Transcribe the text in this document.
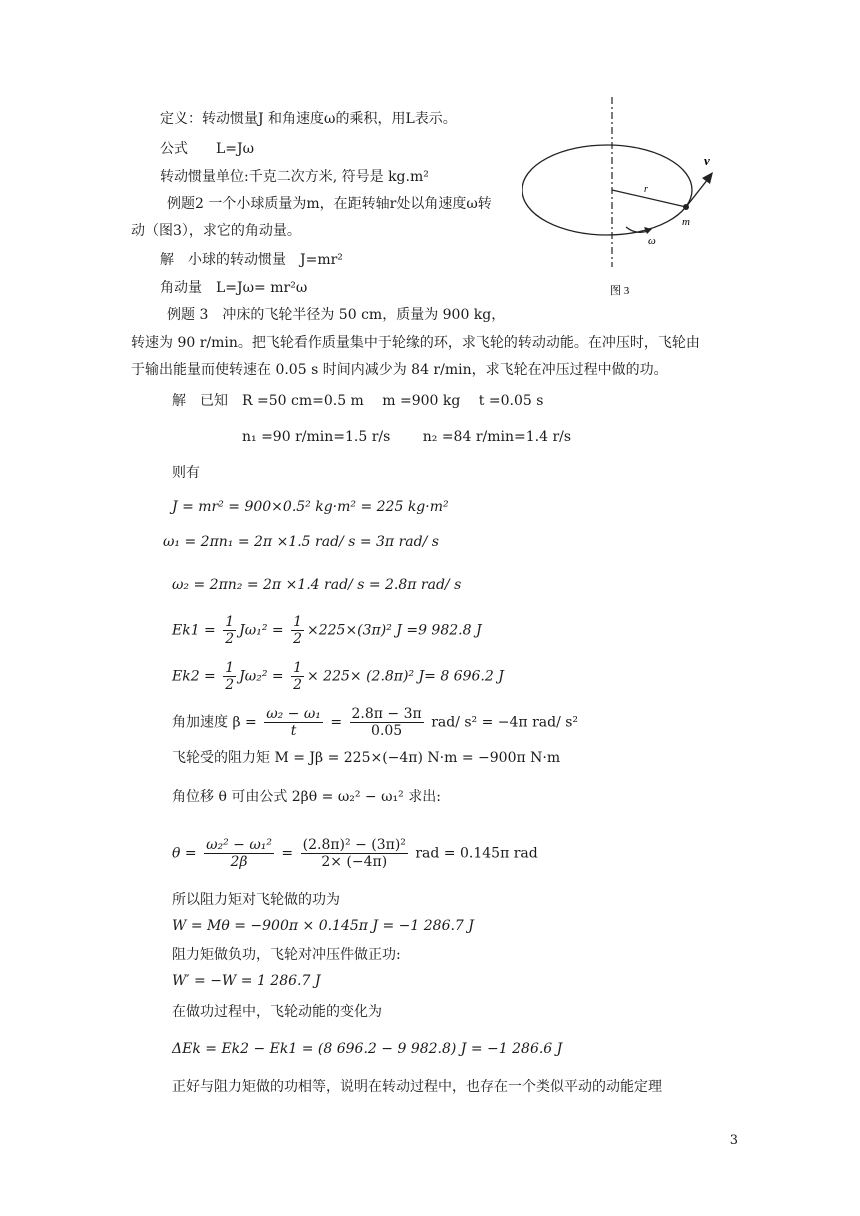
定义：转动惯量J 和角速度ω的乘积，用L表示。
公式　　L=Jω
转动惯量单位:千克二次方米, 符号是 kg.m²
例题2 一个小球质量为m，在距转轴r处以角速度ω转
动（图3），求它的角动量。
解　小球的转动惯量　J=mr²
角动量　L=Jω= mr²ω
v
r
m
ω
图 3
例题 3　冲床的飞轮半径为 50 cm，质量为 900 kg，
转速为 90 r/min。把飞轮看作质量集中于轮缘的环，求飞轮的转动动能。在冲压时，飞轮由
于输出能量而使转速在 0.05 s 时间内减少为 84 r/min，求飞轮在冲压过程中做的功。
解　已知　R =50 cm=0.5 m　 m =900 kg　 t =0.05 s
n₁ =90 r/min=1.5 r/s　　 n₂ =84 r/min=1.4 r/s
则有
J = mr² = 900×0.5² kg·m² = 225 kg·m²
ω₁ = 2πn₁ = 2π ×1.5 rad/ s = 3π rad/ s
ω₂ = 2πn₂ = 2π ×1.4 rad/ s = 2.8π rad/ s
$Ek1 = \frac{1}{2} J\omega_1^2 = \frac{1}{2} \times 225\times(3\pi)^2$ J =9 982.8 J
$Ek2 = \frac{1}{2} J\omega_2^2 = \frac{1}{2} \times 225\times (2.8\pi)^2$ J= 8 696.2 J
角加速度 $\beta = \frac{\text{ω₂ − ω₁}}{t} = \frac{2.8\pi - 3\pi}{0.05} rad/$ s² = −4π rad/ s²
飞轮受的阻力矩 M = Jβ = 225×(−4π) N·m = −900π N·m
角位移 θ 可由公式 2βθ = ω₂² − ω₁² 求出:
$\theta = \frac{\text{ω₂² − ω₁²}}{2\beta} = \frac{\text{(2.8π)² − (3π)²}}{2\times (-4\pi)}$ rad = 0.145π rad
所以阻力矩对飞轮做的功为
W = Mθ = −900π × 0.145π J = −1 286.7 J
阻力矩做负功，飞轮对冲压件做正功:
W′ = −W = 1 286.7 J
在做功过程中，飞轮动能的变化为
ΔEk = Ek2 − Ek1 = (8 696.2 − 9 982.8) J = −1 286.6 J
正好与阻力矩做的功相等，说明在转动过程中，也存在一个类似平动的动能定理
3
